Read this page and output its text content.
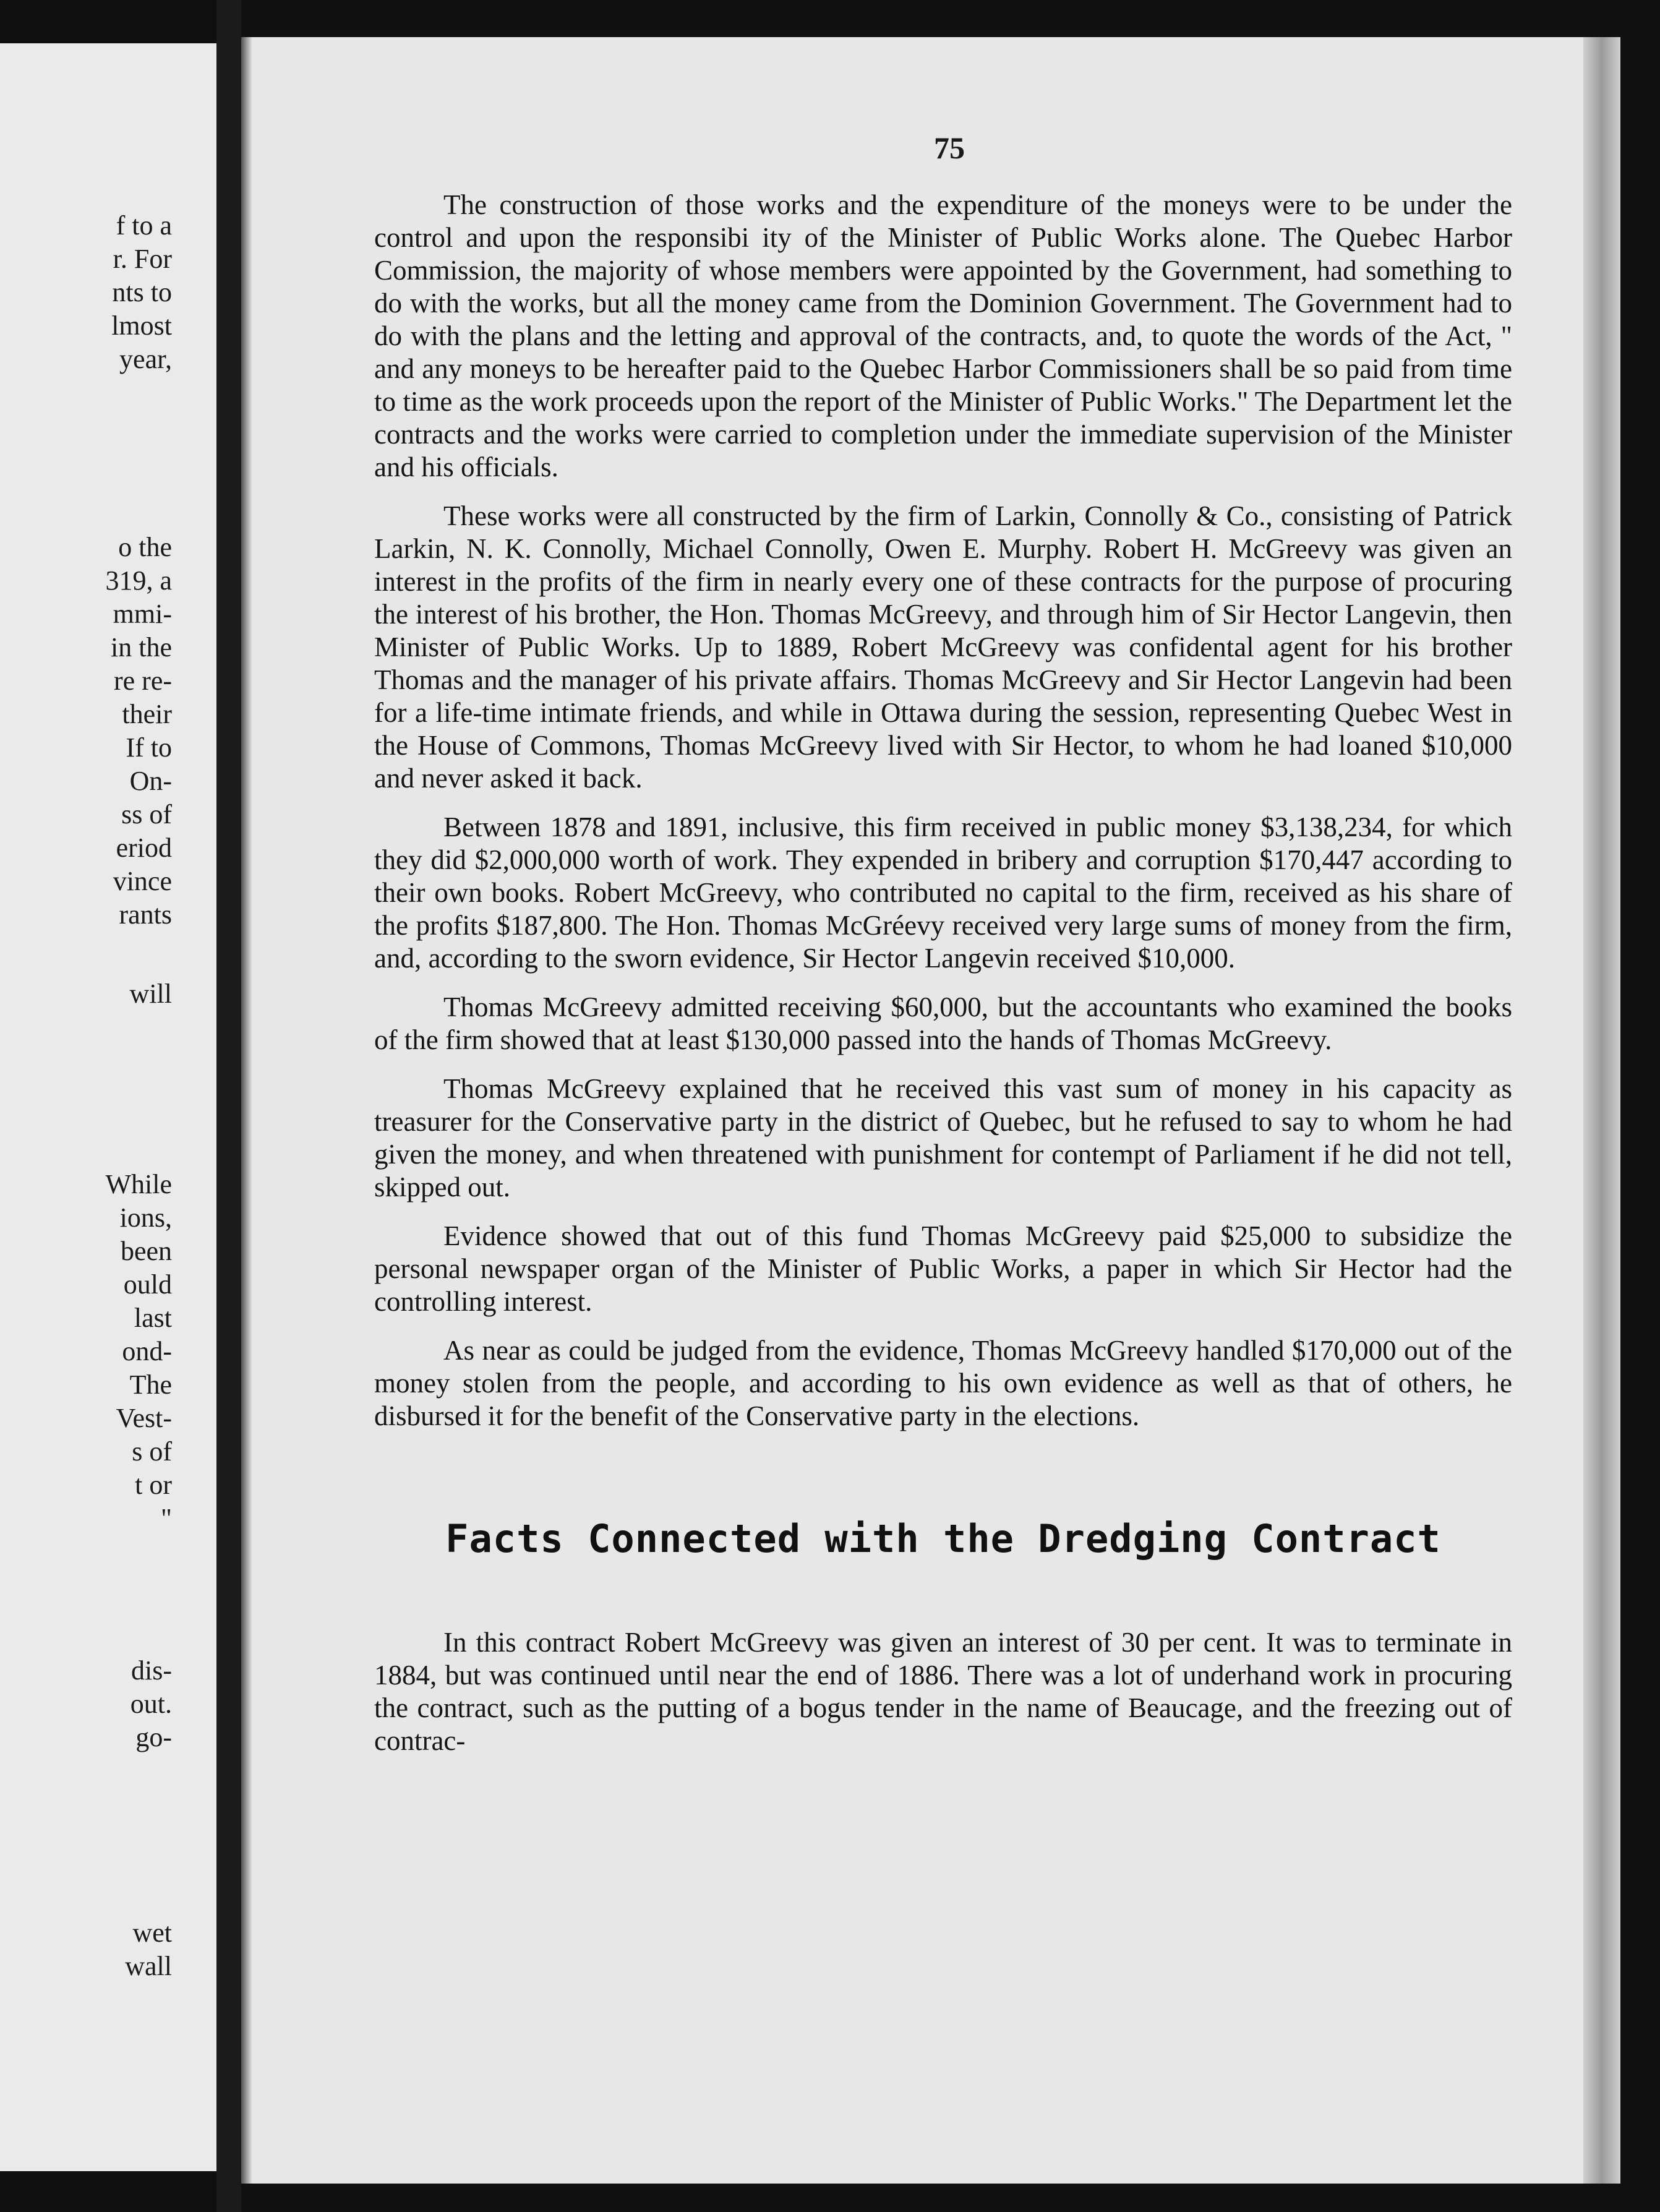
f to a
r. For
nts to
lmost
year,
o the
319, a
mmi-
in the
re re-
their
If to
On-
ss of
eriod
vince
rants
will
While
ions,
been
ould
last
ond-
The
Vest-
s of
t or
"
dis-
out.
go-
wet
wall
75

The construction of those works and the expenditure of the moneys were to be under the control and upon the responsibi ity of the Minister of Public Works alone. The Quebec Harbor Commission, the majority of whose members were appointed by the Government, had something to do with the works, but all the money came from the Dominion Government. The Government had to do with the plans and the letting and approval of the contracts, and, to quote the words of the Act, " and any moneys to be hereafter paid to the Quebec Harbor Commissioners shall be so paid from time to time as the work proceeds upon the report of the Minister of Public Works." The Department let the contracts and the works were carried to completion under the immediate supervision of the Minister and his officials.

These works were all constructed by the firm of Larkin, Connolly & Co., consisting of Patrick Larkin, N. K. Connolly, Michael Connolly, Owen E. Murphy. Robert H. McGreevy was given an interest in the profits of the firm in nearly every one of these contracts for the purpose of procuring the interest of his brother, the Hon. Thomas McGreevy, and through him of Sir Hector Langevin, then Minister of Public Works. Up to 1889, Robert McGreevy was confidental agent for his brother Thomas and the manager of his private affairs. Thomas McGreevy and Sir Hector Langevin had been for a life-time intimate friends, and while in Ottawa during the session, representing Quebec West in the House of Commons, Thomas McGreevy lived with Sir Hector, to whom he had loaned $10,000 and never asked it back.

Between 1878 and 1891, inclusive, this firm received in public money $3,138,234, for which they did $2,000,000 worth of work. They expended in bribery and corruption $170,447 according to their own books. Robert McGreevy, who contributed no capital to the firm, received as his share of the profits $187,800. The Hon. Thomas McGréevy received very large sums of money from the firm, and, according to the sworn evidence, Sir Hector Langevin received $10,000.

Thomas McGreevy admitted receiving $60,000, but the accountants who examined the books of the firm showed that at least $130,000 passed into the hands of Thomas McGreevy.

Thomas McGreevy explained that he received this vast sum of money in his capacity as treasurer for the Conservative party in the district of Quebec, but he refused to say to whom he had given the money, and when threatened with punishment for contempt of Parliament if he did not tell, skipped out.

Evidence showed that out of this fund Thomas McGreevy paid $25,000 to subsidize the personal newspaper organ of the Minister of Public Works, a paper in which Sir Hector had the controlling interest.

As near as could be judged from the evidence, Thomas McGreevy handled $170,000 out of the money stolen from the people, and according to his own evidence as well as that of others, he disbursed it for the benefit of the Conservative party in the elections.

Facts Connected with the Dredging Contract

In this contract Robert McGreevy was given an interest of 30 per cent. It was to terminate in 1884, but was continued until near the end of 1886. There was a lot of underhand work in procuring the contract, such as the putting of a bogus tender in the name of Beaucage, and the freezing out of contrac-
